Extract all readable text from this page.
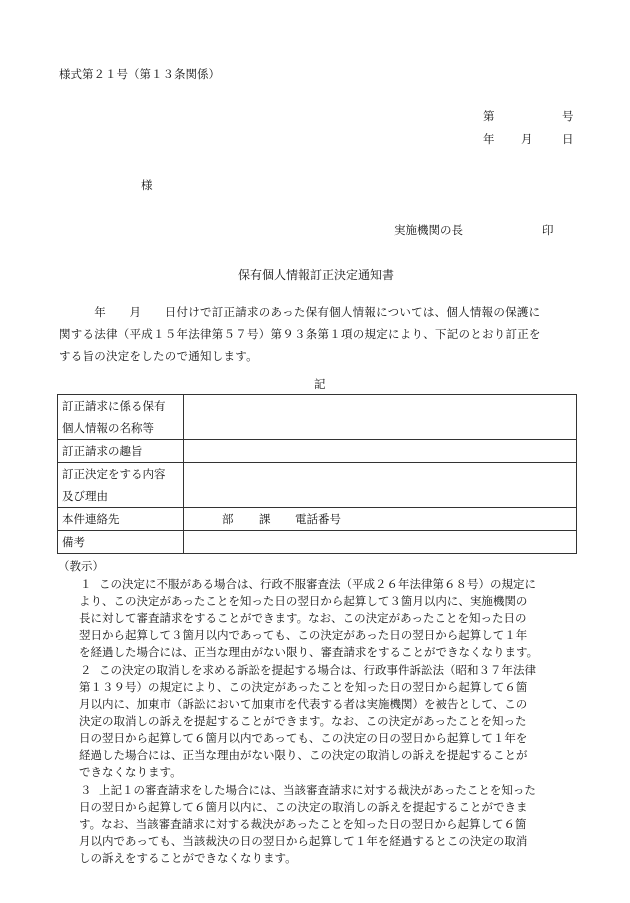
様式第２１号（第１３条関係）
第	号
年 月	日
様
実施機関の長	印
保有個人情報訂正決定通知書
　　　年　　月　　日付けで訂正請求のあった保有個人情報については、個人情報の保護に
関する法律（平成１５年法律第５７号）第９３条第１項の規定により、下記のとおり訂正を
する旨の決定をしたので通知します。
記
訂正請求に係る保有
個人情報の名称等	

訂正請求の趣旨	

訂正決定をする内容
及び理由	

本件連絡先	部 課 電話番号

備考	

（教示）
１ この決定に不服がある場合は、行政不服審査法（平成２６年法律第６８号）の規定に
より、この決定があったことを知った日の翌日から起算して３箇月以内に、実施機関の
長に対して審査請求をすることができます。なお、この決定があったことを知った日の
翌日から起算して３箇月以内であっても、この決定があった日の翌日から起算して１年
を経過した場合には、正当な理由がない限り、審査請求をすることができなくなります。
２ この決定の取消しを求める訴訟を提起する場合は、行政事件訴訟法（昭和３７年法律
第１３９号）の規定により、この決定があったことを知った日の翌日から起算して６箇
月以内に、加東市（訴訟において加東市を代表する者は実施機関）を被告として、この
決定の取消しの訴えを提起することができます。なお、この決定があったことを知った
日の翌日から起算して６箇月以内であっても、この決定の日の翌日から起算して１年を
経過した場合には、正当な理由がない限り、この決定の取消しの訴えを提起することが
できなくなります。
３ 上記１の審査請求をした場合には、当該審査請求に対する裁決があったことを知った
日の翌日から起算して６箇月以内に、この決定の取消しの訴えを提起することができま
す。なお、当該審査請求に対する裁決があったことを知った日の翌日から起算して６箇
月以内であっても、当該裁決の日の翌日から起算して１年を経過するとこの決定の取消
しの訴えをすることができなくなります。
